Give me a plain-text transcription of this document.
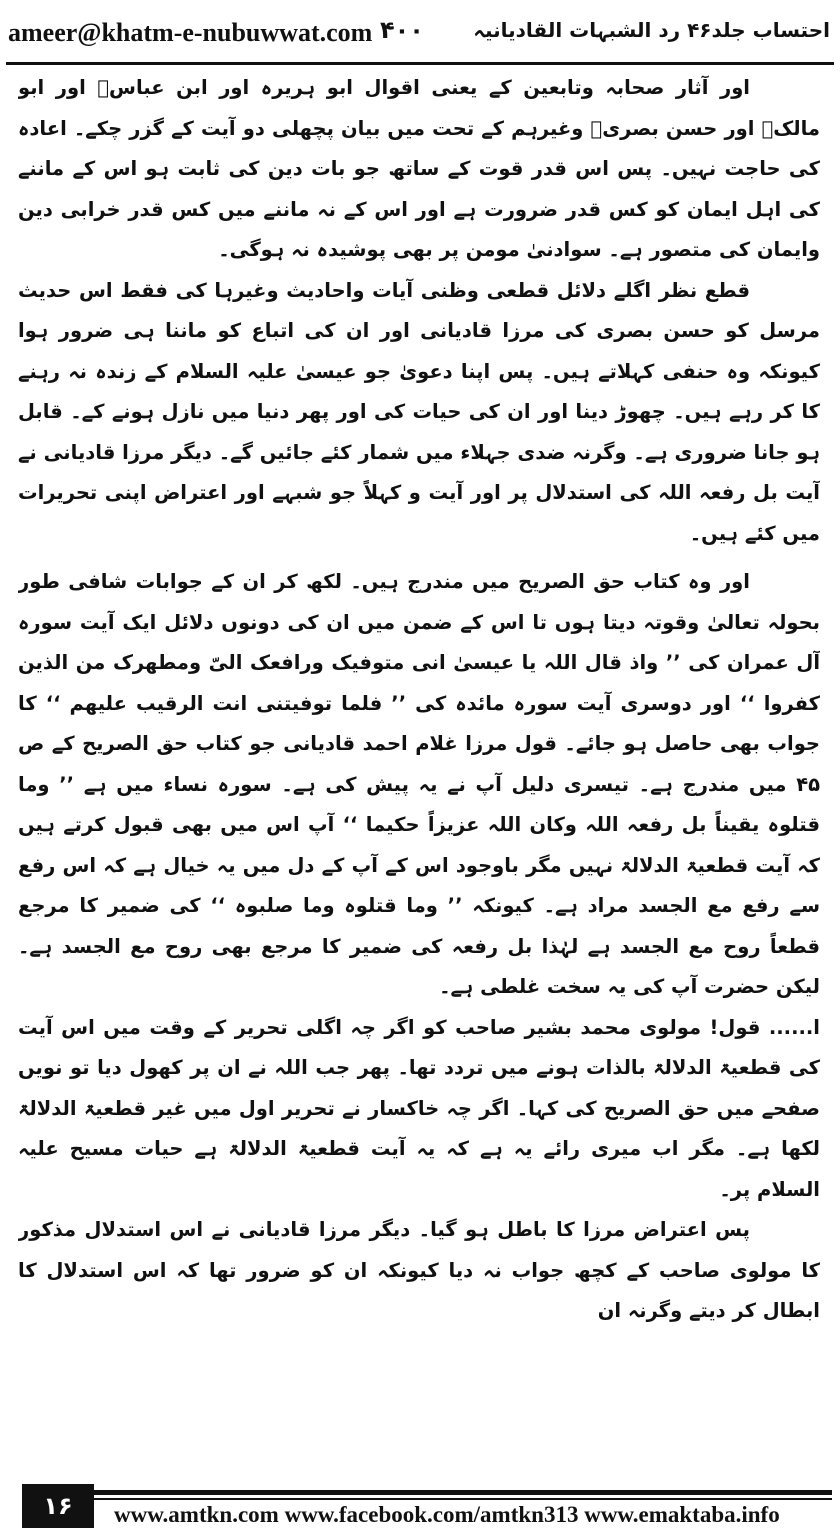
ameer@khatm-e-nubuwwat.com ۴۰۰ احتساب جلد۴۶ رد الشبہات القادیانیہ

اور آثار صحابہ وتابعین کے یعنی اقوال ابو ہریرہ اور ابن عباسؓ اور ابو مالکؒ اور حسن بصریؒ وغیرہم کے تحت میں بیان پچھلی دو آیت کے گزر چکے۔ اعادہ کی حاجت نہیں۔ پس اس قدر قوت کے ساتھ جو بات دین کی ثابت ہو اس کے ماننے کی اہل ایمان کو کس قدر ضرورت ہے اور اس کے نہ ماننے میں کس قدر خرابی دین وایمان کی متصور ہے۔ سوادنیٰ مومن پر بھی پوشیدہ نہ ہوگی۔

قطع نظر اگلے دلائل قطعی وظنی آیات واحادیث وغیرہا کی فقط اس حدیث مرسل کو حسن بصری کی مرزا قادیانی اور ان کی اتباع کو ماننا ہی ضرور ہوا کیونکہ وہ حنفی کہلاتے ہیں۔ پس اپنا دعویٰ جو عیسیٰ علیہ السلام کے زندہ نہ رہنے کا کر رہے ہیں۔ چھوڑ دینا اور ان کی حیات کی اور پھر دنیا میں نازل ہونے کے۔ قابل ہو جانا ضروری ہے۔ وگرنہ ضدی جہلاء میں شمار کئے جائیں گے۔ دیگر مرزا قادیانی نے آیت بل رفعہ اللہ کی استدلال پر اور آیت و کہلاً جو شبہے اور اعتراض اپنی تحریرات میں کئے ہیں۔

اور وہ کتاب حق الصریح میں مندرج ہیں۔ لکھ کر ان کے جوابات شافی طور بحولہ تعالیٰ وقوتہ دیتا ہوں تا اس کے ضمن میں ان کی دونوں دلائل ایک آیت سورہ آل عمران کی ’’ واذ قال اللہ یا عیسیٰ انی متوفیک ورافعک الیّ ومطھرک من الذین کفروا ‘‘ اور دوسری آیت سورہ مائدہ کی ’’ فلما توفیتنی انت الرقیب علیھم ‘‘ کا جواب بھی حاصل ہو جائے۔ قول مرزا غلام احمد قادیانی جو کتاب حق الصریح کے ص ۴۵ میں مندرج ہے۔ تیسری دلیل آپ نے یہ پیش کی ہے۔ سورہ نساء میں ہے ’’ وما قتلوہ یقیناً بل رفعہ اللہ وکان اللہ عزیزاً حکیما ‘‘ آپ اس میں بھی قبول کرتے ہیں کہ آیت قطعیۃ الدلالۃ نہیں مگر باوجود اس کے آپ کے دل میں یہ خیال ہے کہ اس رفع سے رفع مع الجسد مراد ہے۔ کیونکہ ’’ وما قتلوہ وما صلبوہ ‘‘ کی ضمیر کا مرجع قطعاً روح مع الجسد ہے لہٰذا بل رفعہ کی ضمیر کا مرجع بھی روح مع الجسد ہے۔ لیکن حضرت آپ کی یہ سخت غلطی ہے۔

ا...... قول! مولوی محمد بشیر صاحب کو اگر چہ اگلی تحریر کے وقت میں اس آیت کی قطعیۃ الدلالۃ بالذات ہونے میں تردد تھا۔ پھر جب اللہ نے ان پر کھول دیا تو نویں صفحے میں حق الصریح کی کہا۔ اگر چہ خاکسار نے تحریر اول میں غیر قطعیۃ الدلالۃ لکھا ہے۔ مگر اب میری رائے یہ ہے کہ یہ آیت قطعیۃ الدلالۃ ہے حیات مسیح علیہ السلام پر۔

پس اعتراض مرزا کا باطل ہو گیا۔ دیگر مرزا قادیانی نے اس استدلال مذکور کا مولوی صاحب کے کچھ جواب نہ دیا کیونکہ ان کو ضرور تھا کہ اس استدلال کا ابطال کر دیتے وگرنہ ان

۱۶	www.amtkn.com www.facebook.com/amtkn313 www.emaktaba.info
